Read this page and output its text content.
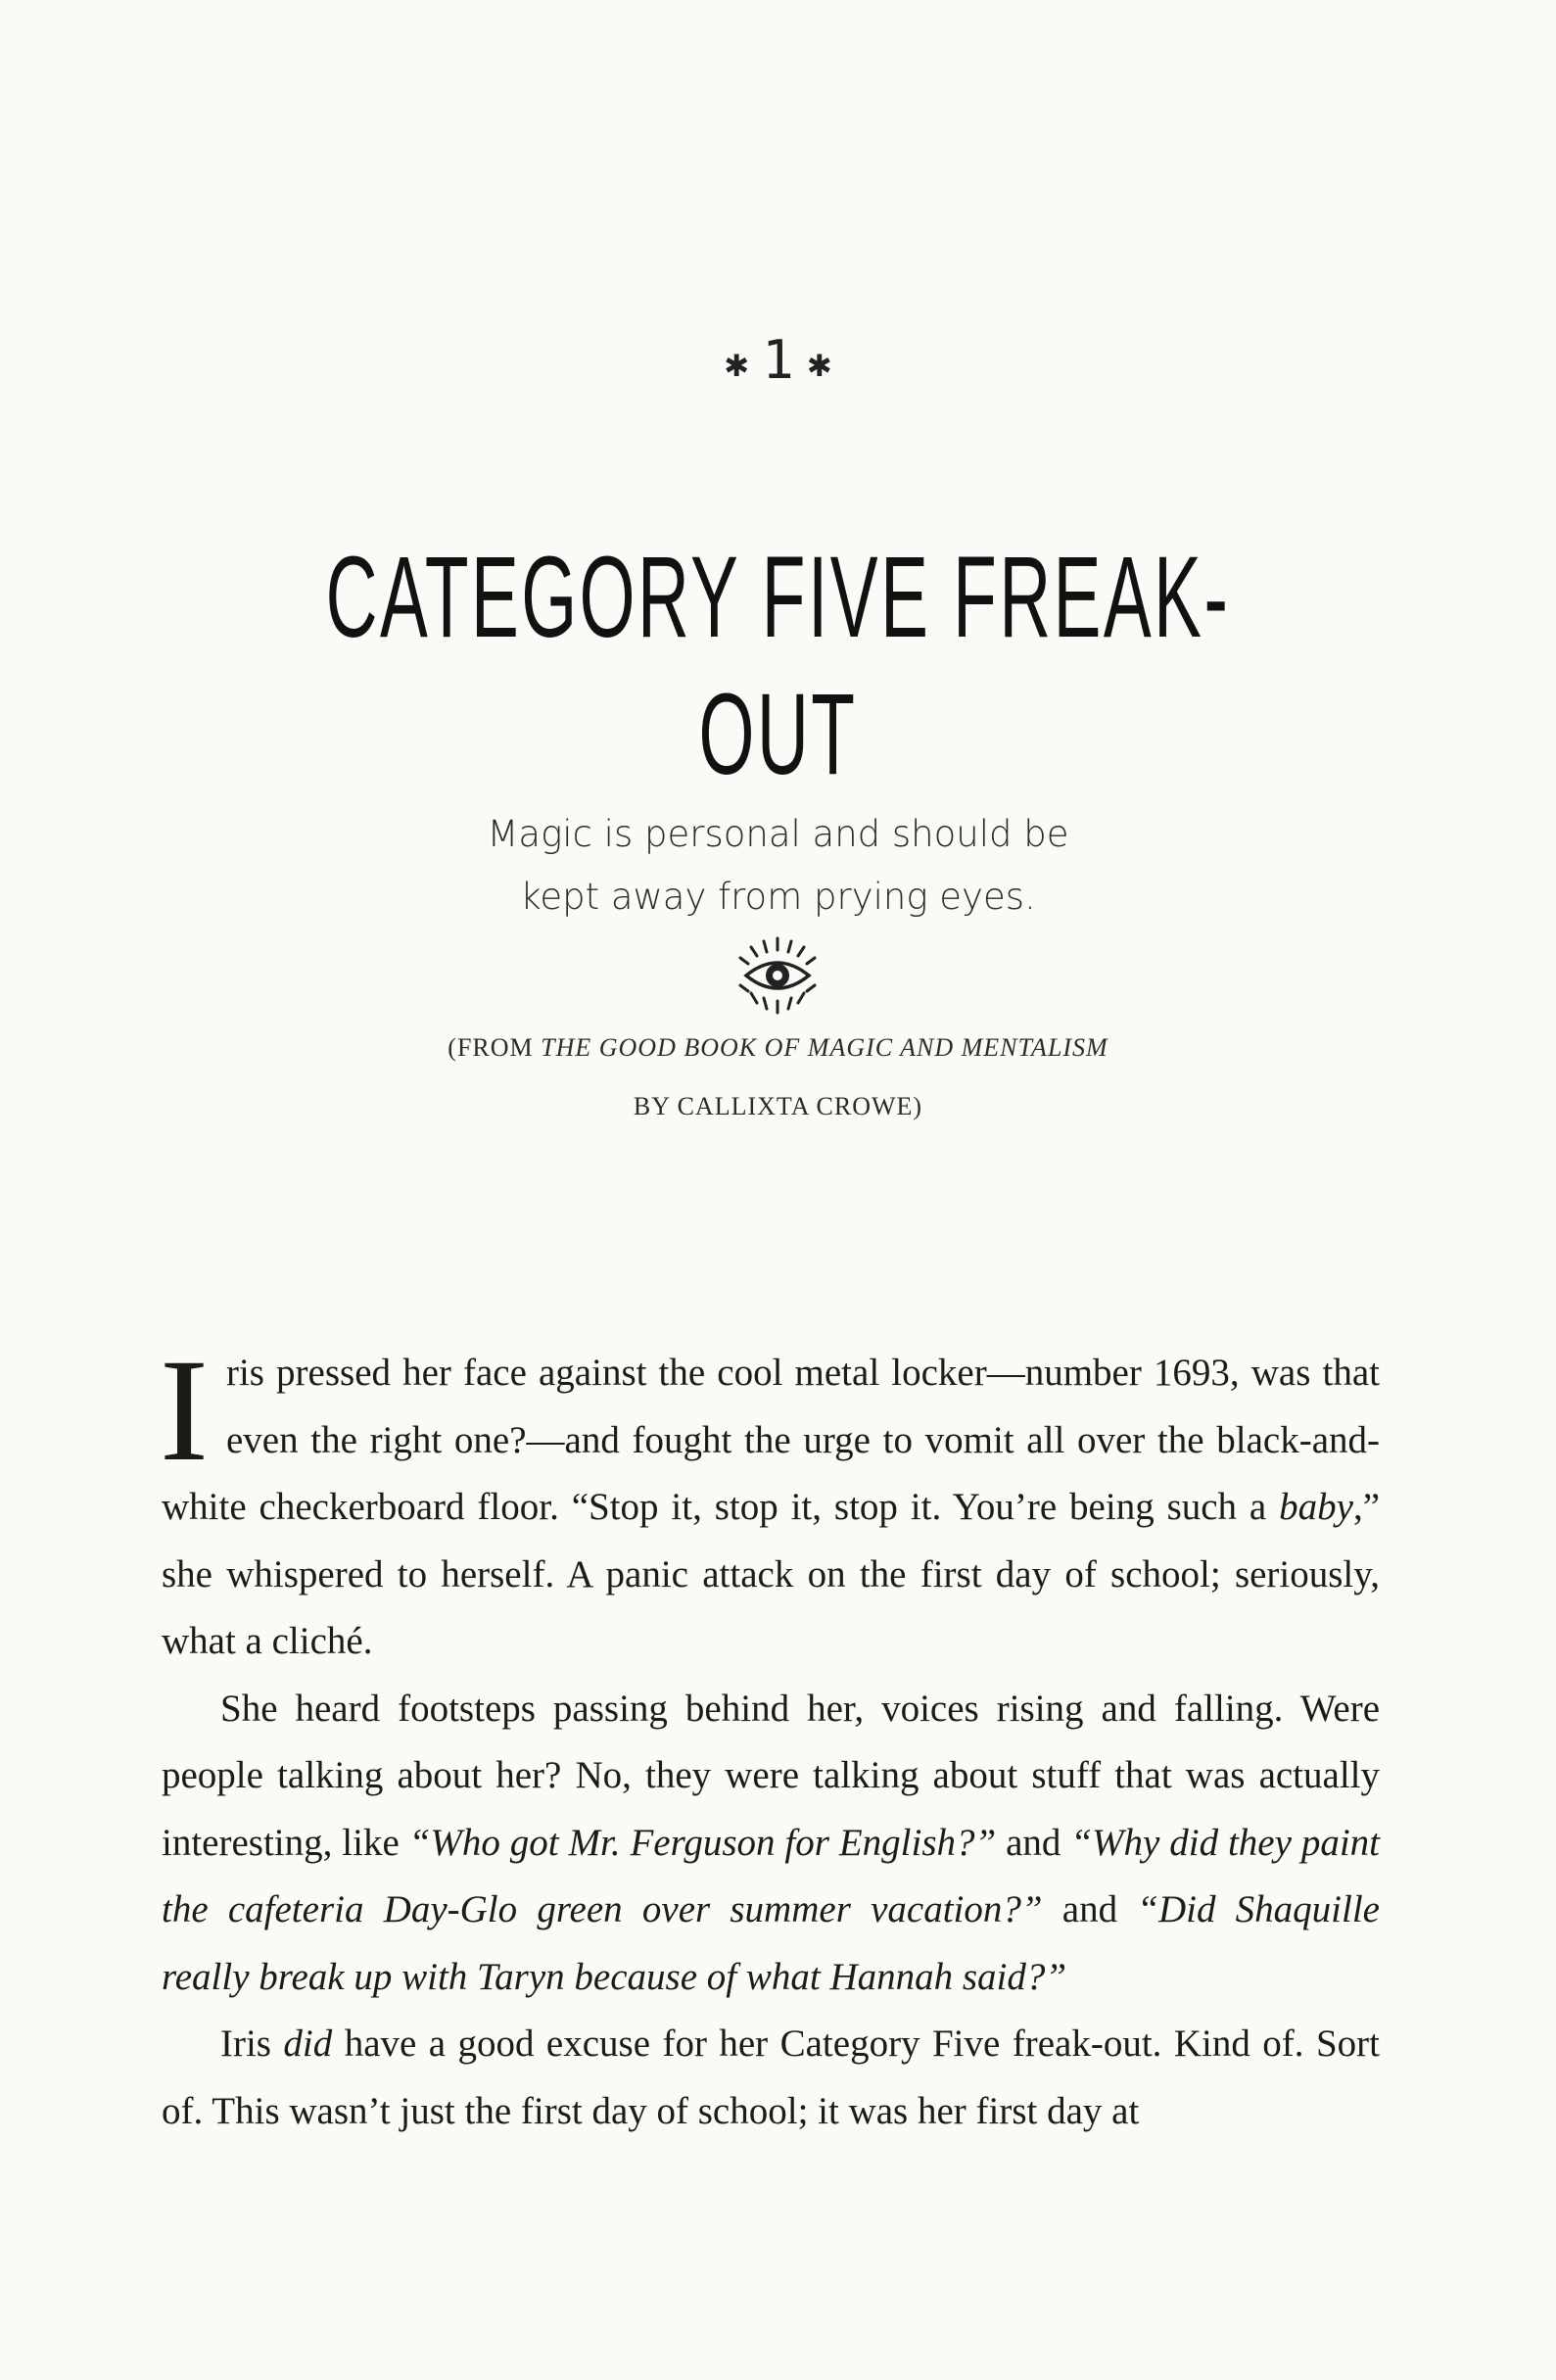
✱ 1 ✱
CATEGORY FIVE FREAK-OUT
Magic is personal and should be
kept away from prying eyes.
(FROM THE GOOD BOOK OF MAGIC AND MENTALISM
BY CALLIXTA CROWE)

Iris pressed her face against the cool metal locker—number 1693, was that even the right one?—and fought the urge to vomit all over the black-and-white checkerboard floor. “Stop it, stop it, stop it. You’re being such a baby,” she whispered to herself. A panic attack on the first day of school; seriously, what a cliché.

She heard footsteps passing behind her, voices rising and falling. Were people talking about her? No, they were talking about stuff that was actually interesting, like “Who got Mr. Ferguson for English?” and “Why did they paint the cafeteria Day-Glo green over summer vacation?” and “Did Shaquille really break up with Taryn because of what Hannah said?”

Iris did have a good excuse for her Category Five freak-out. Kind of. Sort of. This wasn’t just the first day of school; it was her first day at
